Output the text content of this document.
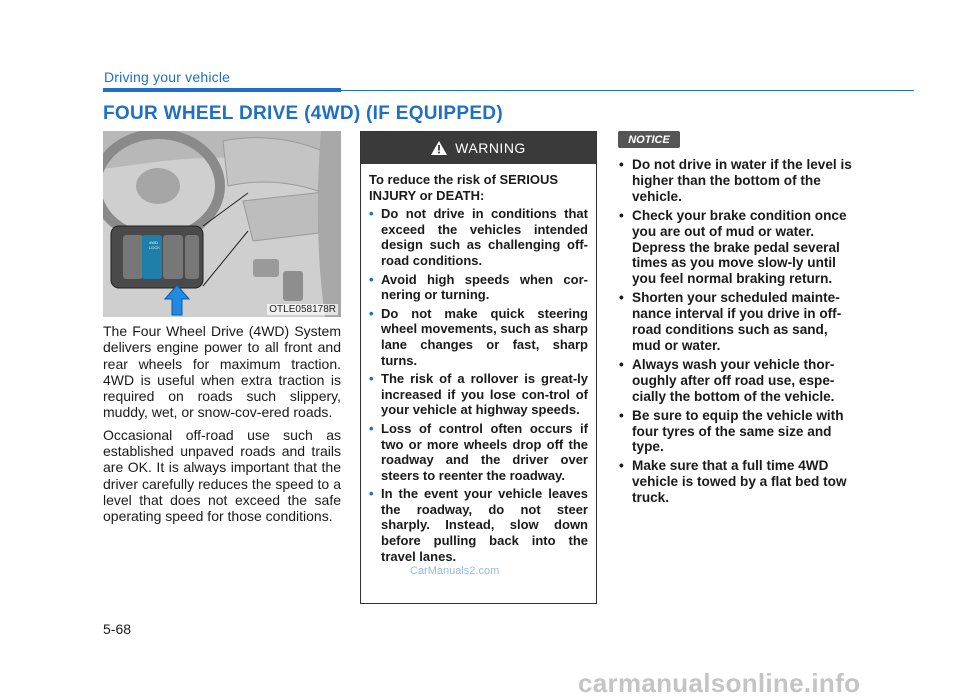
Driving your vehicle
FOUR WHEEL DRIVE (4WD) (IF EQUIPPED)
4WD
LOCK
OTLE058178R

The Four Wheel Drive (4WD) System delivers engine power to all front and rear wheels for maximum traction. 4WD is useful when extra traction is required on roads such slippery, muddy, wet, or snow-cov-ered roads.

Occasional off-road use such as established unpaved roads and trails are OK. It is always important that the driver carefully reduces the speed to a level that does not exceed the safe operating speed for those conditions.

WARNING

To reduce the risk of SERIOUS INJURY or DEATH:

• Do not drive in conditions that exceed the vehicles intended design such as challenging off-road conditions.
• Avoid high speeds when cor-nering or turning.
• Do not make quick steering wheel movements, such as sharp lane changes or fast, sharp turns.
• The risk of a rollover is great-ly increased if you lose con-trol of your vehicle at highway speeds.
• Loss of control often occurs if two or more wheels drop off the roadway and the driver over steers to reenter the roadway.
• In the event your vehicle leaves the roadway, do not steer sharply. Instead, slow down before pulling back into the travel lanes.
NOTICE
• Do not drive in water if the level is higher than the bottom of the vehicle.
• Check your brake condition once you are out of mud or water. Depress the brake pedal several times as you move slow-ly until you feel normal braking return.
• Shorten your scheduled mainte-nance interval if you drive in off-road conditions such as sand, mud or water.
• Always wash your vehicle thor-oughly after off road use, espe-cially the bottom of the vehicle.
• Be sure to equip the vehicle with four tyres of the same size and type.
• Make sure that a full time 4WD vehicle is towed by a flat bed tow truck.
CarManuals2.com
5-68
carmanualsonline.info
